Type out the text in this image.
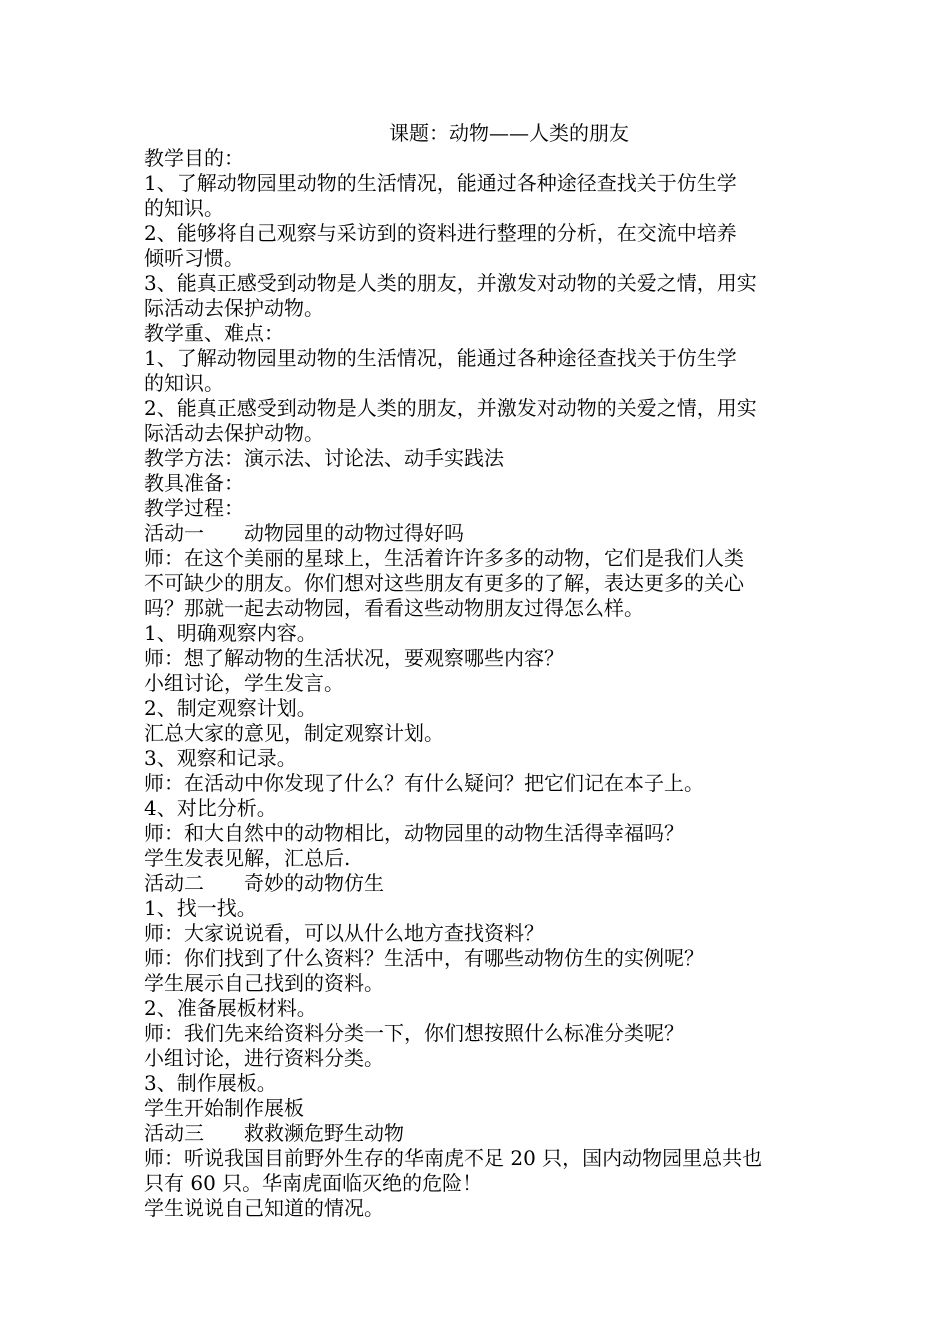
课题：动物——人类的朋友

教学目的：

1、了解动物园里动物的生活情况，能通过各种途径查找关于仿生学

的知识。

2、能够将自己观察与采访到的资料进行整理的分析，在交流中培养

倾听习惯。

3、能真正感受到动物是人类的朋友，并激发对动物的关爱之情，用实

际活动去保护动物。

教学重、难点：

1、了解动物园里动物的生活情况，能通过各种途径查找关于仿生学

的知识。

2、能真正感受到动物是人类的朋友，并激发对动物的关爱之情，用实

际活动去保护动物。

教学方法：演示法、讨论法、动手实践法

教具准备：

教学过程：

活动一　　动物园里的动物过得好吗

师：在这个美丽的星球上，生活着许许多多的动物，它们是我们人类

不可缺少的朋友。你们想对这些朋友有更多的了解，表达更多的关心

吗？那就一起去动物园，看看这些动物朋友过得怎么样。

1、明确观察内容。

师：想了解动物的生活状况，要观察哪些内容？

小组讨论，学生发言。

2、制定观察计划。

汇总大家的意见，制定观察计划。

3、观察和记录。

师：在活动中你发现了什么？有什么疑问？把它们记在本子上。

4、对比分析。

师：和大自然中的动物相比，动物园里的动物生活得幸福吗？

学生发表见解，汇总后.

活动二　　奇妙的动物仿生

1、找一找。

师：大家说说看，可以从什么地方查找资料？

师：你们找到了什么资料？生活中，有哪些动物仿生的实例呢？

学生展示自己找到的资料。

2、准备展板材料。

师：我们先来给资料分类一下，你们想按照什么标准分类呢？

小组讨论，进行资料分类。

3、制作展板。

学生开始制作展板

活动三　　救救濒危野生动物

师：听说我国目前野外生存的华南虎不足 20 只，国内动物园里总共也

只有 60 只。华南虎面临灭绝的危险！

学生说说自己知道的情况。
